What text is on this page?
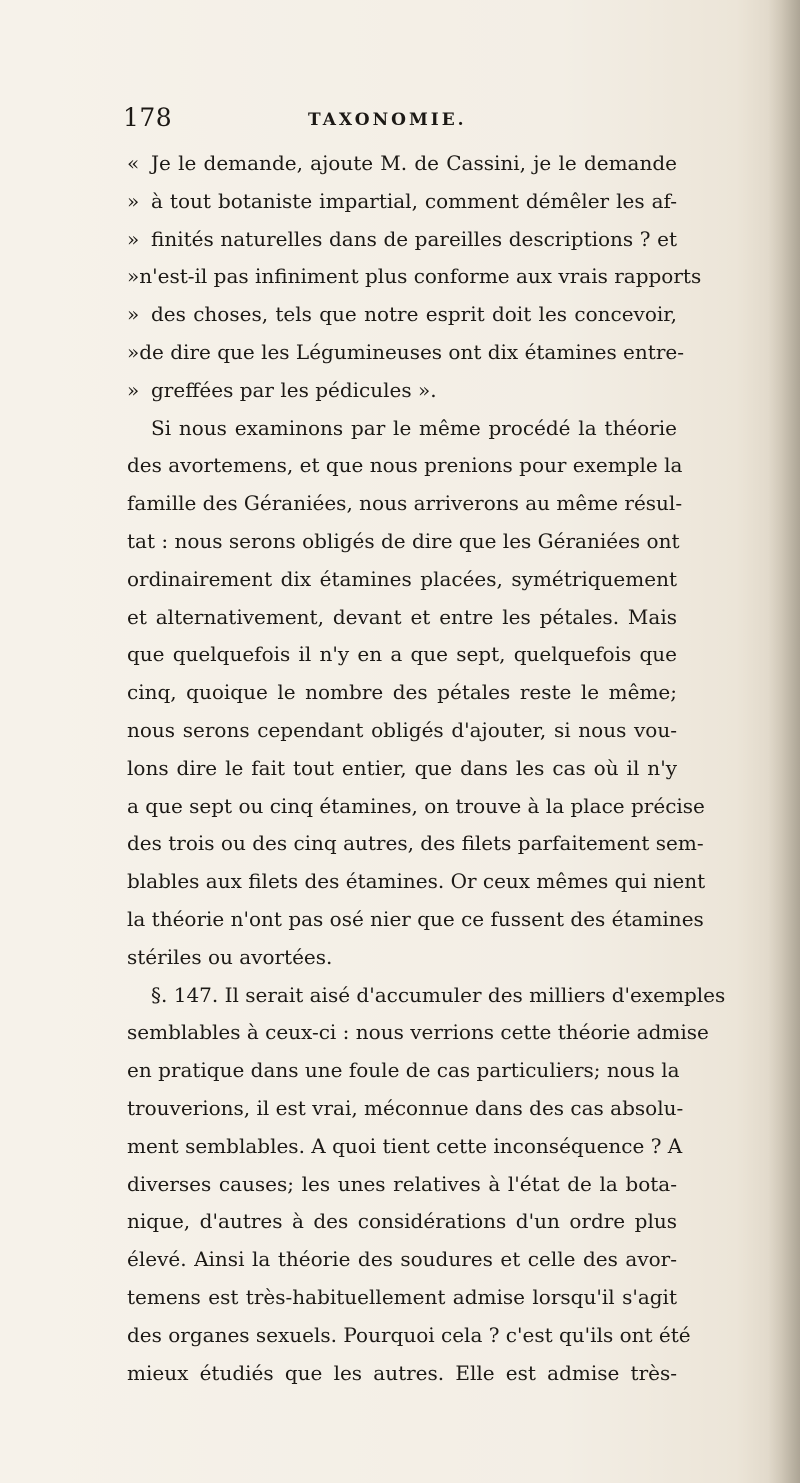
178	TAXONOMIE.
« Je le demande, ajoute M. de Cassini, je le demande
» à tout botaniste impartial, comment démêler les af-
» finités naturelles dans de pareilles descriptions ? et
» n'est-il pas infiniment plus conforme aux vrais rapports
» des choses, tels que notre esprit doit les concevoir,
» de dire que les Légumineuses ont dix étamines entre-
» greffées par les pédicules ».
Si nous examinons par le même procédé la théorie
des avortemens, et que nous prenions pour exemple la
famille des Géraniées, nous arriverons au même résul-
tat : nous serons obligés de dire que les Géraniées ont
ordinairement dix étamines placées, symétriquement
et alternativement, devant et entre les pétales. Mais
que quelquefois il n'y en a que sept, quelquefois que
cinq, quoique le nombre des pétales reste le même;
nous serons cependant obligés d'ajouter, si nous vou-
lons dire le fait tout entier, que dans les cas où il n'y
a que sept ou cinq étamines, on trouve à la place précise
des trois ou des cinq autres, des filets parfaitement sem-
blables aux filets des étamines. Or ceux mêmes qui nient
la théorie n'ont pas osé nier que ce fussent des étamines
stériles ou avortées.
§. 147. Il serait aisé d'accumuler des milliers d'exemples
semblables à ceux-ci : nous verrions cette théorie admise
en pratique dans une foule de cas particuliers; nous la
trouverions, il est vrai, méconnue dans des cas absolu-
ment semblables. A quoi tient cette inconséquence ? A
diverses causes; les unes relatives à l'état de la bota-
nique, d'autres à des considérations d'un ordre plus
élevé. Ainsi la théorie des soudures et celle des avor-
temens est très-habituellement admise lorsqu'il s'agit
des organes sexuels. Pourquoi cela ? c'est qu'ils ont été
mieux étudiés que les autres. Elle est admise très-
